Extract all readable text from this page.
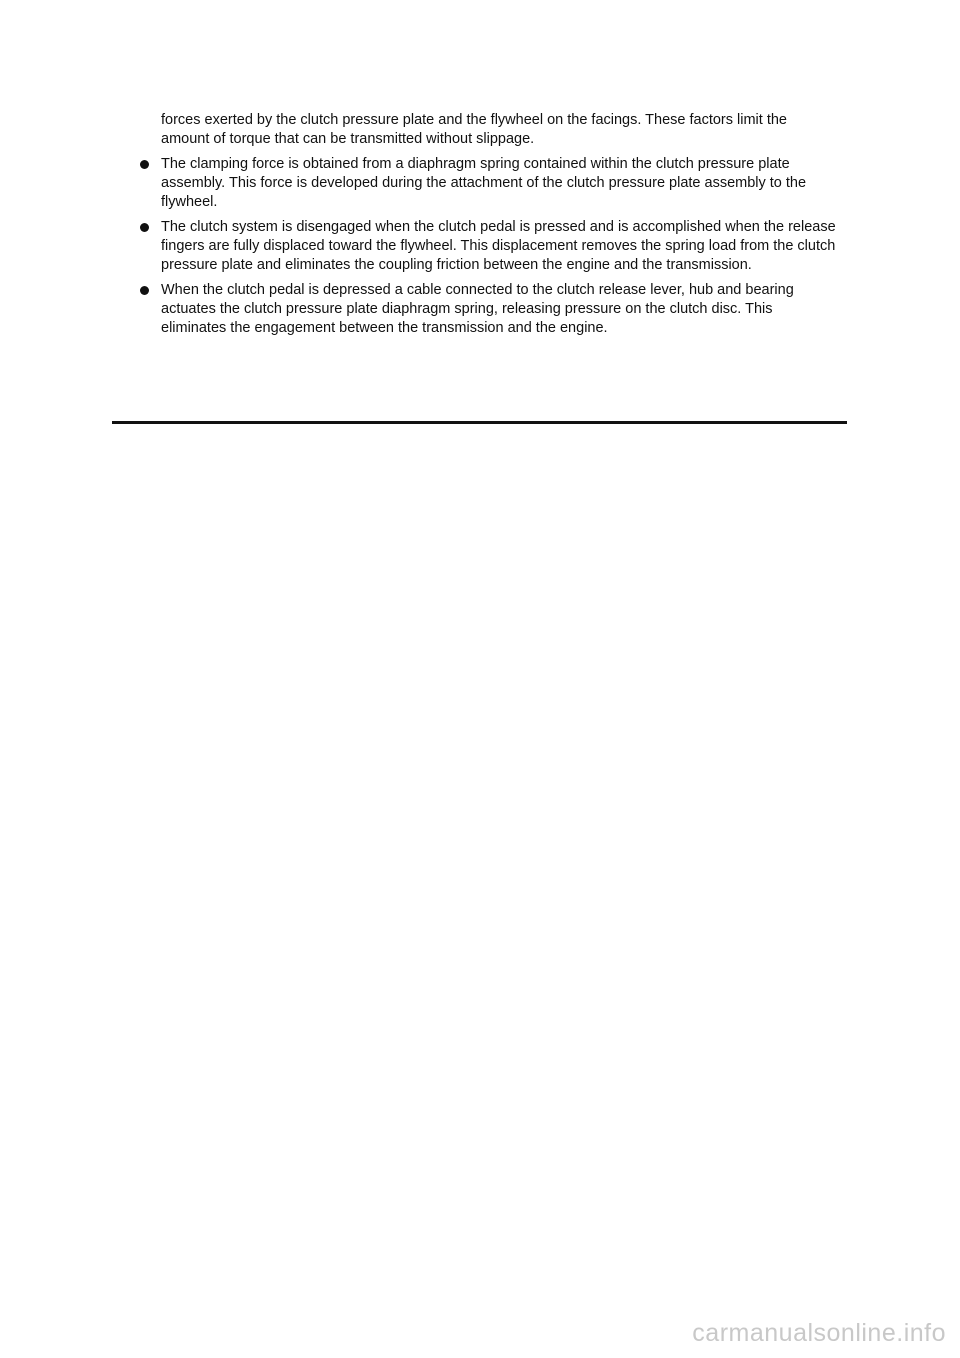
forces exerted by the clutch pressure plate and the flywheel on the facings. These factors limit the amount of torque that can be transmitted without slippage.

The clamping force is obtained from a diaphragm spring contained within the clutch pressure plate assembly. This force is developed during the attachment of the clutch pressure plate assembly to the flywheel.
The clutch system is disengaged when the clutch pedal is pressed and is accomplished when the release fingers are fully displaced toward the flywheel. This displacement removes the spring load from the clutch pressure plate and eliminates the coupling friction between the engine and the transmission.
When the clutch pedal is depressed a cable connected to the clutch release lever, hub and bearing actuates the clutch pressure plate diaphragm spring, releasing pressure on the clutch disc. This eliminates the engagement between the transmission and the engine.
carmanualsonline.info
